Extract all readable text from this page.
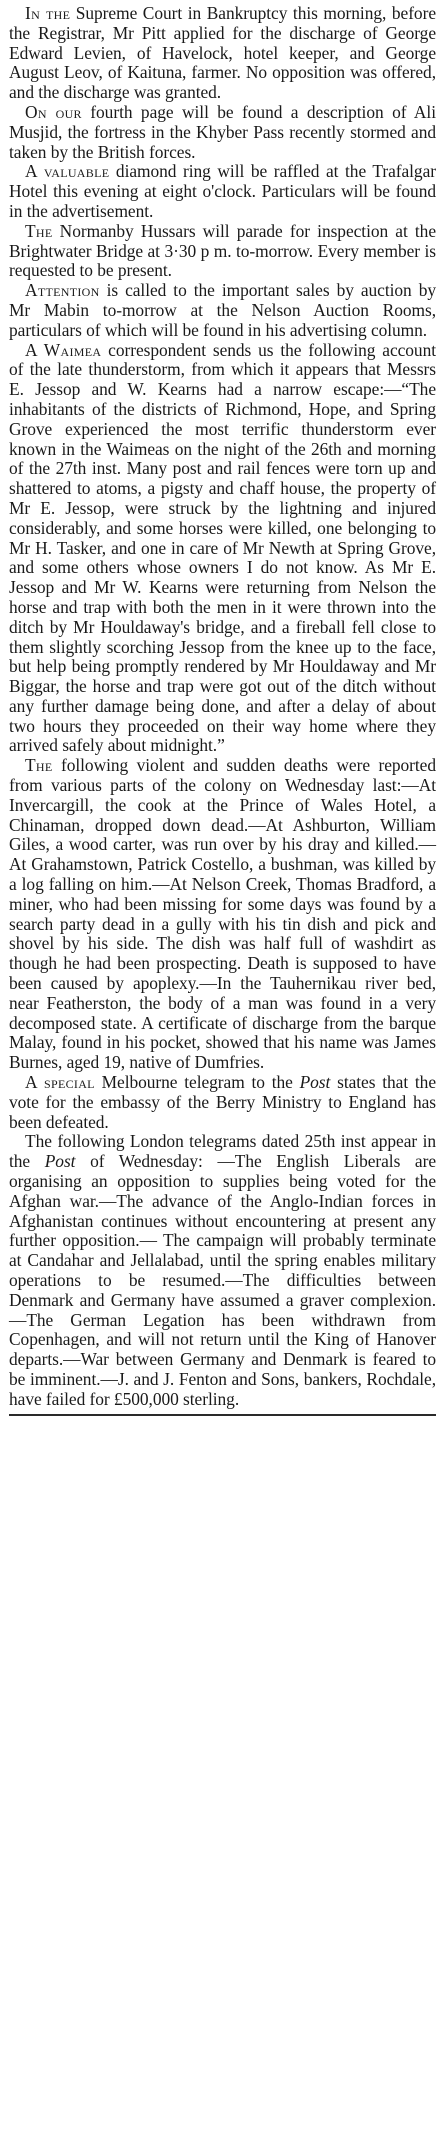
In the Supreme Court in Bankruptcy this morning, before the Registrar, Mr Pitt applied for the discharge of George Edward Levien, of Havelock, hotel keeper, and George August Leov, of Kaituna, farmer. No opposition was offered, and the discharge was granted.

On our fourth page will be found a description of Ali Musjid, the fortress in the Khyber Pass recently stormed and taken by the British forces.

A valuable diamond ring will be raffled at the Trafalgar Hotel this evening at eight o'clock. Particulars will be found in the advertisement.

The Normanby Hussars will parade for inspection at the Brightwater Bridge at 3·30 p m. to-morrow. Every member is requested to be present.

Attention is called to the important sales by auction by Mr Mabin to-morrow at the Nelson Auction Rooms, particulars of which will be found in his advertising column.

A Waimea correspondent sends us the following account of the late thunderstorm, from which it appears that Messrs E. Jessop and W. Kearns had a narrow escape:—“The inhabitants of the districts of Richmond, Hope, and Spring Grove experienced the most terrific thunderstorm ever known in the Waimeas on the night of the 26th and morning of the 27th inst. Many post and rail fences were torn up and shattered to atoms, a pigsty and chaff house, the property of Mr E. Jessop, were struck by the lightning and injured considerably, and some horses were killed, one belonging to Mr H. Tasker, and one in care of Mr Newth at Spring Grove, and some others whose owners I do not know. As Mr E. Jessop and Mr W. Kearns were returning from Nelson the horse and trap with both the men in it were thrown into the ditch by Mr Houldaway's bridge, and a fireball fell close to them slightly scorching Jessop from the knee up to the face, but help being promptly rendered by Mr Houldaway and Mr Biggar, the horse and trap were got out of the ditch without any further damage being done, and after a delay of about two hours they proceeded on their way home where they arrived safely about midnight.”

The following violent and sudden deaths were reported from various parts of the colony on Wednesday last:—At Invercargill, the cook at the Prince of Wales Hotel, a Chinaman, dropped down dead.—At Ashburton, William Giles, a wood carter, was run over by his dray and killed.—At Grahamstown, Patrick Costello, a bushman, was killed by a log falling on him.—At Nelson Creek, Thomas Bradford, a miner, who had been missing for some days was found by a search party dead in a gully with his tin dish and pick and shovel by his side. The dish was half full of washdirt as though he had been prospecting. Death is supposed to have been caused by apoplexy.—In the Tauhernikau river bed, near Featherston, the body of a man was found in a very decomposed state. A certificate of discharge from the barque Malay, found in his pocket, showed that his name was James Burnes, aged 19, native of Dumfries.

A special Melbourne telegram to the Post states that the vote for the embassy of the Berry Ministry to England has been defeated.

The following London telegrams dated 25th inst appear in the Post of Wednesday: —The English Liberals are organising an opposition to supplies being voted for the Afghan war.—The advance of the Anglo-Indian forces in Afghanistan continues without encountering at present any further opposition.— The campaign will probably terminate at Candahar and Jellalabad, until the spring enables military operations to be resumed.—The difficulties between Denmark and Germany have assumed a graver complexion.—The German Legation has been withdrawn from Copenhagen, and will not return until the King of Hanover departs.—War between Germany and Denmark is feared to be imminent.—J. and J. Fenton and Sons, bankers, Rochdale, have failed for £500,000 sterling.
